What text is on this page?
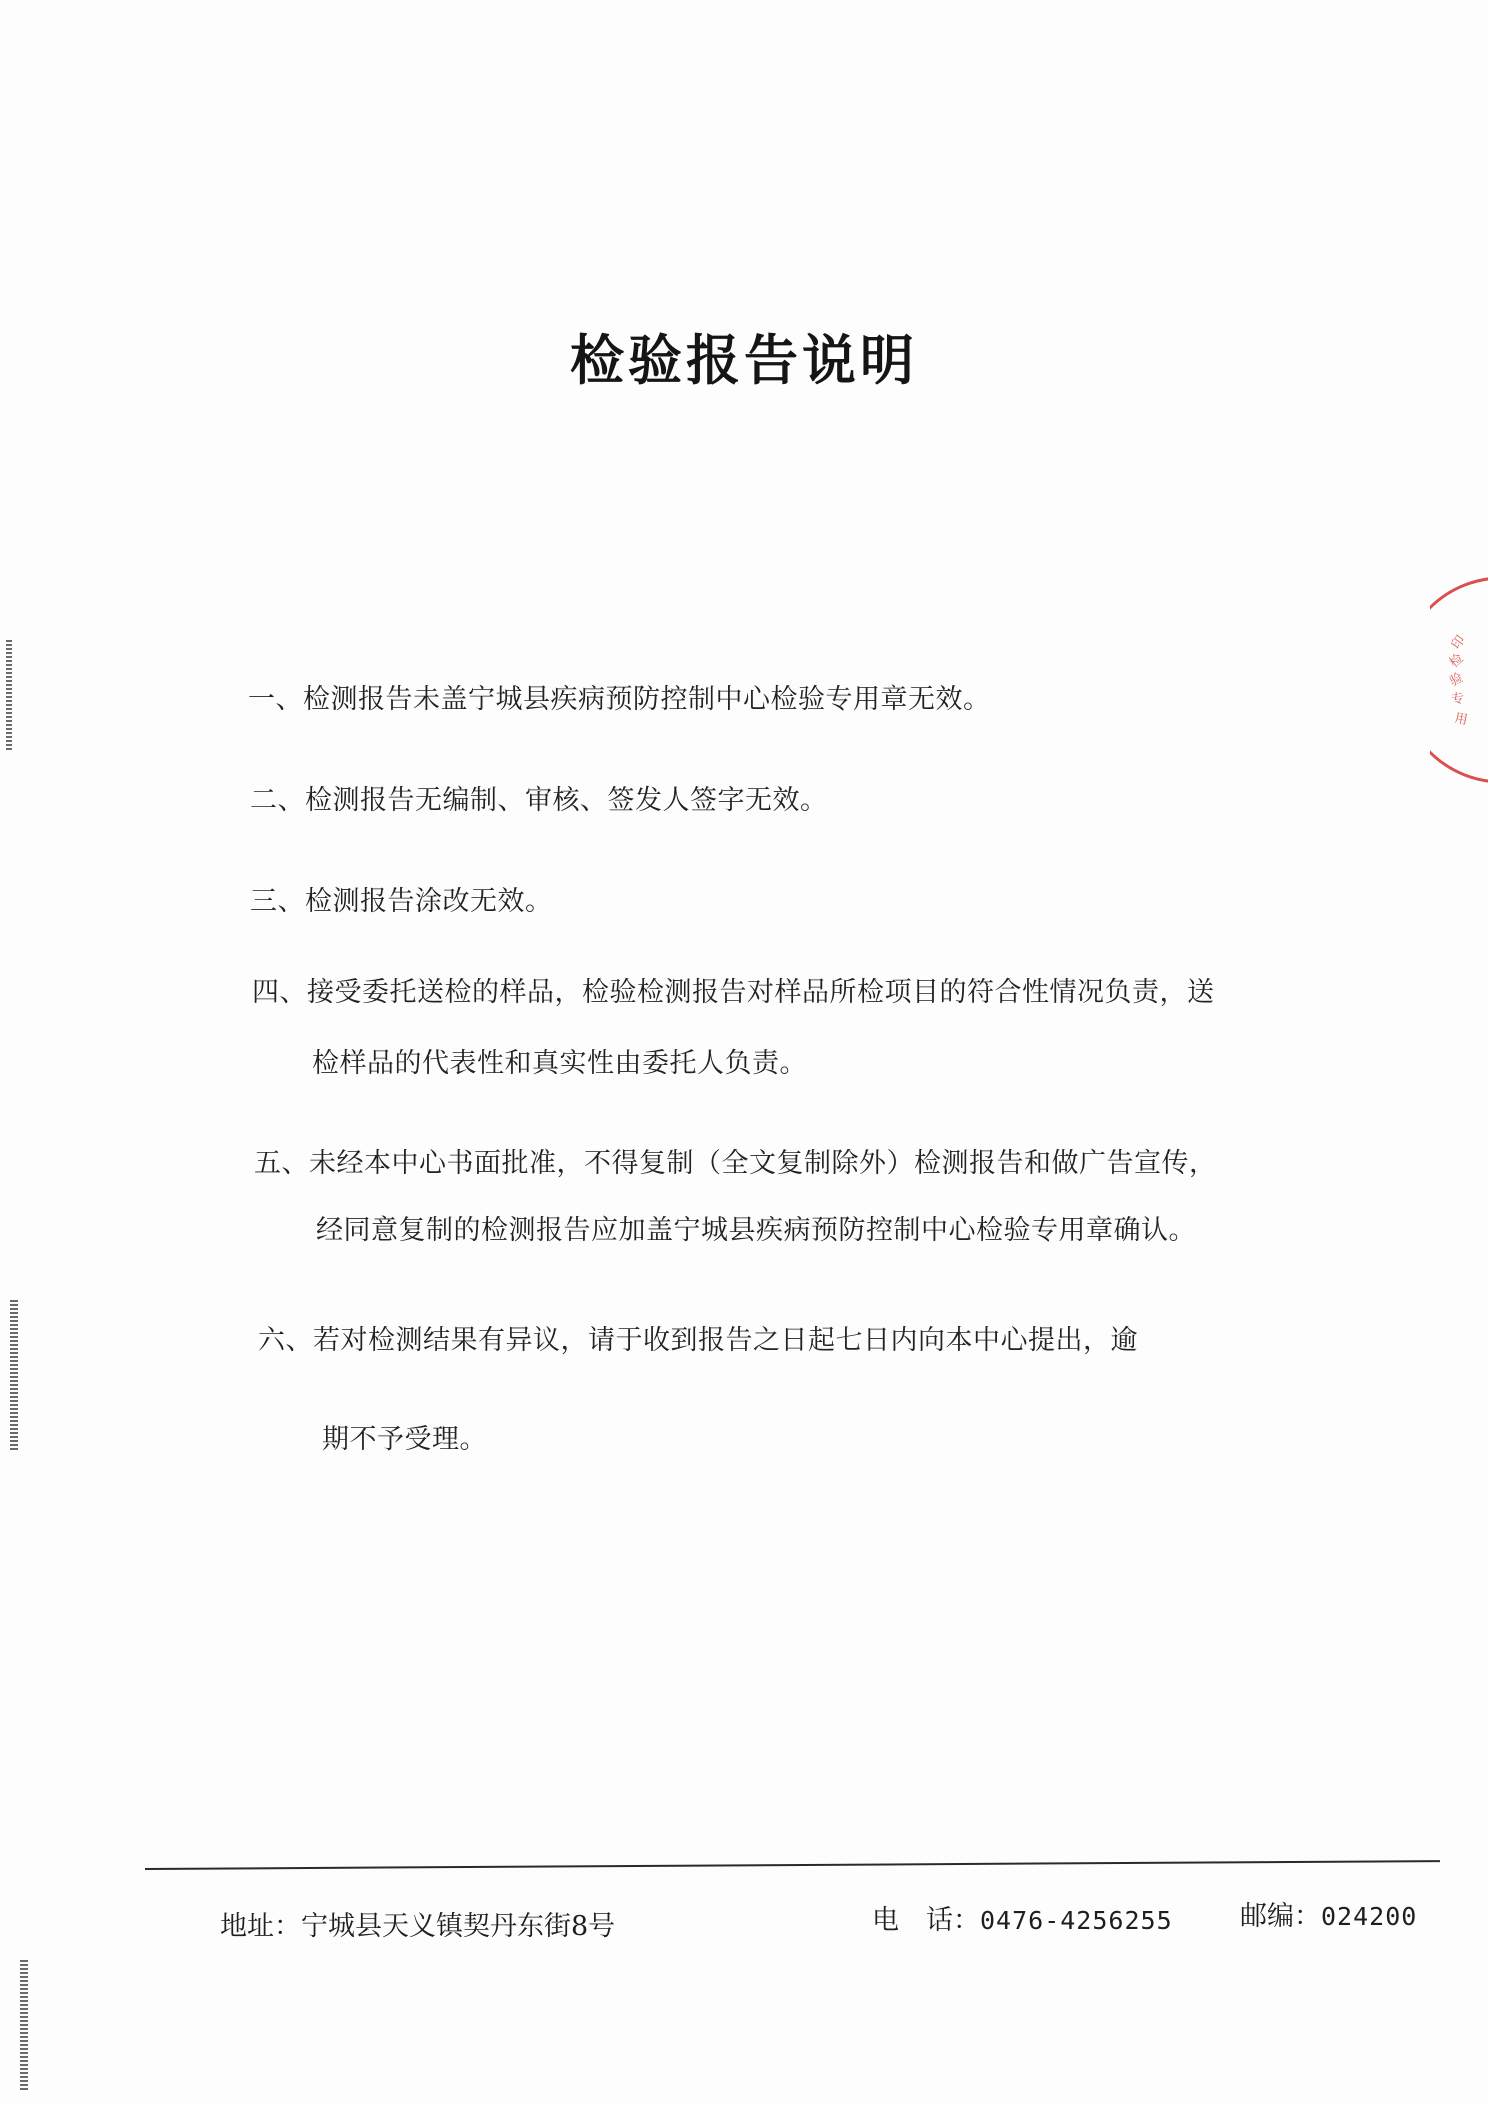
印
检
验
专
用
检验报告说明
一、检测报告未盖宁城县疾病预防控制中心检验专用章无效。
二、检测报告无编制、审核、签发人签字无效。
三、检测报告涂改无效。
四、接受委托送检的样品，检验检测报告对样品所检项目的符合性情况负责，送
检样品的代表性和真实性由委托人负责。
五、未经本中心书面批准，不得复制（全文复制除外）检测报告和做广告宣传，
经同意复制的检测报告应加盖宁城县疾病预防控制中心检验专用章确认。
六、若对检测结果有异议，请于收到报告之日起七日内向本中心提出，逾
期不予受理。
地址：宁城县天义镇契丹东街8号	电　话：0476-4256255 邮编：024200
